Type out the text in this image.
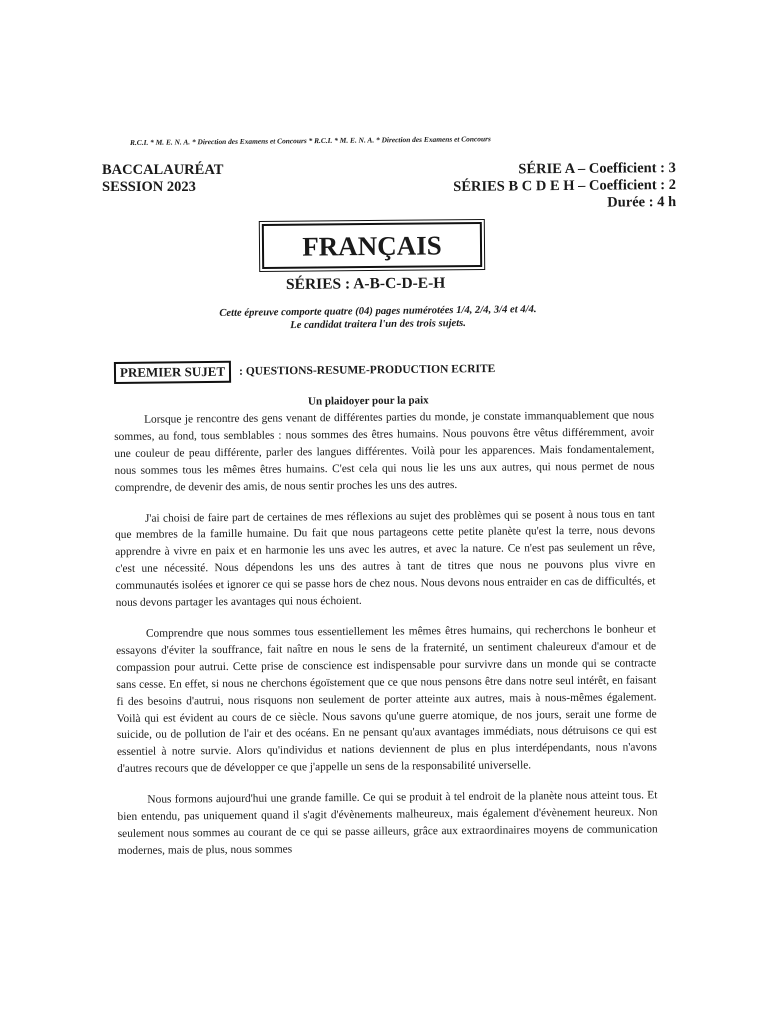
R.C.I. * M. E. N. A. * Direction des Examens et Concours * R.C.I. * M. E. N. A. * Direction des Examens et Concours
BACCALAURÉAT
SESSION 2023
SÉRIE A – Coefficient : 3
SÉRIES B C D E H – Coefficient : 2
Durée : 4 h
FRANÇAIS
SÉRIES : A-B-C-D-E-H
Cette épreuve comporte quatre (04) pages numérotées 1/4, 2/4, 3/4 et 4/4.
Le candidat traitera l'un des trois sujets.
PREMIER SUJET	: QUESTIONS-RESUME-PRODUCTION ECRITE
Un plaidoyer pour la paix

Lorsque je rencontre des gens venant de différentes parties du monde, je constate immanquablement que nous sommes, au fond, tous semblables : nous sommes des êtres humains. Nous pouvons être vêtus différemment, avoir une couleur de peau différente, parler des langues différentes. Voilà pour les apparences. Mais fondamentalement, nous sommes tous les mêmes êtres humains. C'est cela qui nous lie les uns aux autres, qui nous permet de nous comprendre, de devenir des amis, de nous sentir proches les uns des autres.

J'ai choisi de faire part de certaines de mes réflexions au sujet des problèmes qui se posent à nous tous en tant que membres de la famille humaine. Du fait que nous partageons cette petite planète qu'est la terre, nous devons apprendre à vivre en paix et en harmonie les uns avec les autres, et avec la nature. Ce n'est pas seulement un rêve, c'est une nécessité. Nous dépendons les uns des autres à tant de titres que nous ne pouvons plus vivre en communautés isolées et ignorer ce qui se passe hors de chez nous. Nous devons nous entraider en cas de difficultés, et nous devons partager les avantages qui nous échoient.

Comprendre que nous sommes tous essentiellement les mêmes êtres humains, qui recherchons le bonheur et essayons d'éviter la souffrance, fait naître en nous le sens de la fraternité, un sentiment chaleureux d'amour et de compassion pour autrui. Cette prise de conscience est indispensable pour survivre dans un monde qui se contracte sans cesse. En effet, si nous ne cherchons égoïstement que ce que nous pensons être dans notre seul intérêt, en faisant fi des besoins d'autrui, nous risquons non seulement de porter atteinte aux autres, mais à nous-mêmes également. Voilà qui est évident au cours de ce siècle. Nous savons qu'une guerre atomique, de nos jours, serait une forme de suicide, ou de pollution de l'air et des océans. En ne pensant qu'aux avantages immédiats, nous détruisons ce qui est essentiel à notre survie. Alors qu'individus et nations deviennent de plus en plus interdépendants, nous n'avons d'autres recours que de développer ce que j'appelle un sens de la responsabilité universelle.

Nous formons aujourd'hui une grande famille. Ce qui se produit à tel endroit de la planète nous atteint tous. Et bien entendu, pas uniquement quand il s'agit d'évènements malheureux, mais également d'évènement heureux. Non seulement nous sommes au courant de ce qui se passe ailleurs, grâce aux extraordinaires moyens de communication modernes, mais de plus, nous sommes
